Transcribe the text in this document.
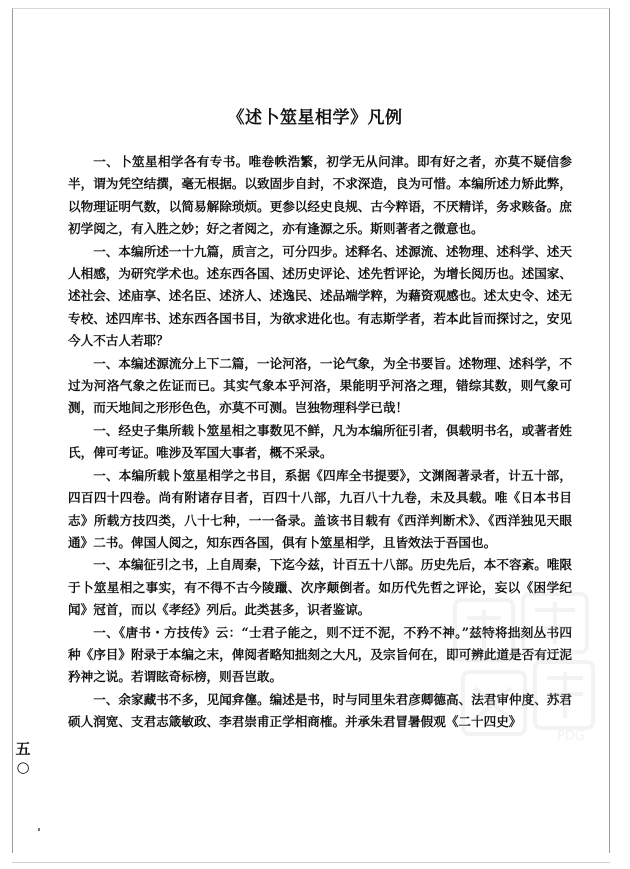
《述卜筮星相学》凡例

一、卜筮星相学各有专书。唯卷帙浩繁，初学无从问津。即有好之者，亦莫不疑信参半，谓为凭空结撰，毫无根据。以致固步自封，不求深造，良为可惜。本编所述力矫此弊，以物理证明气数，以简易解除琐烦。更参以经史良规、古今粹语，不厌精详，务求赅备。庶初学阅之，有入胜之妙；好之者阅之，亦有逢源之乐。斯则著者之微意也。

一、本编所述一十九篇，质言之，可分四步。述释名、述源流、述物理、述科学、述天人相感，为研究学术也。述东西各国、述历史评论、述先哲评论，为增长阅历也。述国家、述社会、述庙享、述名臣、述济人、述逸民、述品端学粹，为藉资观感也。述太史令、述无专校、述四库书、述东西各国书目，为欲求进化也。有志斯学者，若本此旨而探讨之，安见今人不古人若耶？

一、本编述源流分上下二篇，一论河洛，一论气象，为全书要旨。述物理、述科学，不过为河洛气象之佐证而已。其实气象本乎河洛，果能明乎河洛之理，错综其数，则气象可测，而天地间之形形色色，亦莫不可测。岂独物理科学已哉！

一、经史子集所载卜筮星相之事数见不鲜，凡为本编所征引者，俱载明书名，或著者姓氏，俾可考证。唯涉及军国大事者，概不采录。

一、本编所载卜筮星相学之书目，系据《四库全书提要》，文渊阁著录者，计五十部，四百四十四卷。尚有附诸存目者，百四十八部，九百八十九卷，未及具载。唯《日本书目志》所载方技四类，八十七种，一一备录。盖该书目载有《西洋判断术》、《西洋独见天眼通》二书。俾国人阅之，知东西各国，俱有卜筮星相学，且皆效法于吾国也。

一、本编征引之书，上自周秦，下迄今兹，计百五十八部。历史先后，本不容紊。唯限于卜筮星相之事实，有不得不古今陵躐、次序颠倒者。如历代先哲之评论，妄以《困学纪闻》冠首，而以《孝经》列后。此类甚多，识者鉴谅。

一、《唐书・方技传》云：“士君子能之，则不迂不泥，不矜不神。”兹特将拙刻丛书四种《序目》附录于本编之末，俾阅者略知拙刻之大凡，及宗旨何在，即可辨此道是否有迂泥矜神之说。若谓眩奇标榜，则吾岂敢。

一、余家藏书不多，见闻弇僿。编述是书，时与同里朱君彦卿德高、法君审仲度、苏君硕人润宽、支君志箴敏政、李君崇甫正学相商榷。并承朱君冒暑假观《二十四史》

五
○
PDG
